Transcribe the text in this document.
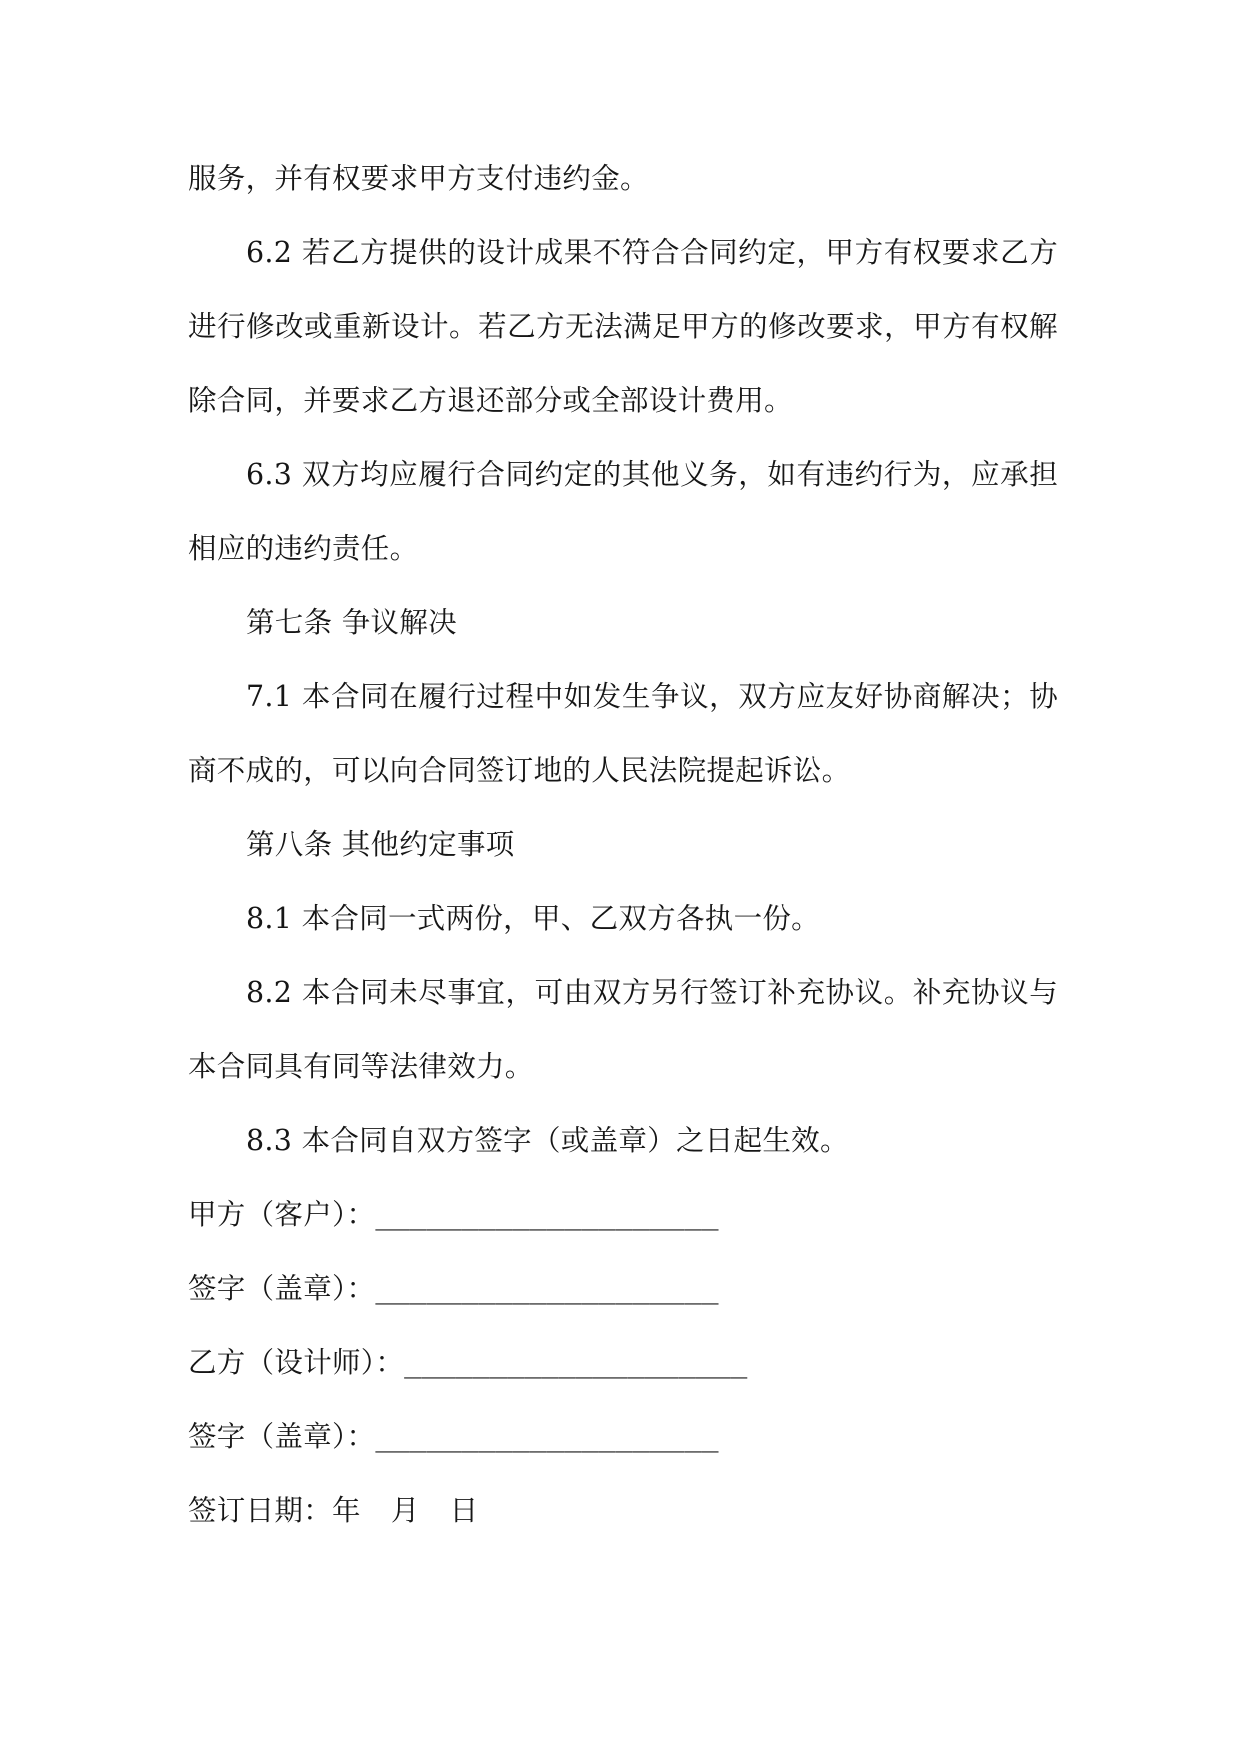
服务，并有权要求甲方支付违约金。

6.2 若乙方提供的设计成果不符合合同约定，甲方有权要求乙方进行修改或重新设计。若乙方无法满足甲方的修改要求，甲方有权解除合同，并要求乙方退还部分或全部设计费用。

6.3 双方均应履行合同约定的其他义务，如有违约行为，应承担相应的违约责任。

第七条 争议解决

7.1 本合同在履行过程中如发生争议，双方应友好协商解决；协商不成的，可以向合同签订地的人民法院提起诉讼。

第八条 其他约定事项

8.1 本合同一式两份，甲、乙双方各执一份。

8.2 本合同未尽事宜，可由双方另行签订补充协议。补充协议与本合同具有同等法律效力。

8.3 本合同自双方签字（或盖章）之日起生效。

甲方（客户）：____________________

签字（盖章）：____________________

乙方（设计师）：____________________

签字（盖章）：____________________

签订日期：年 月 日
